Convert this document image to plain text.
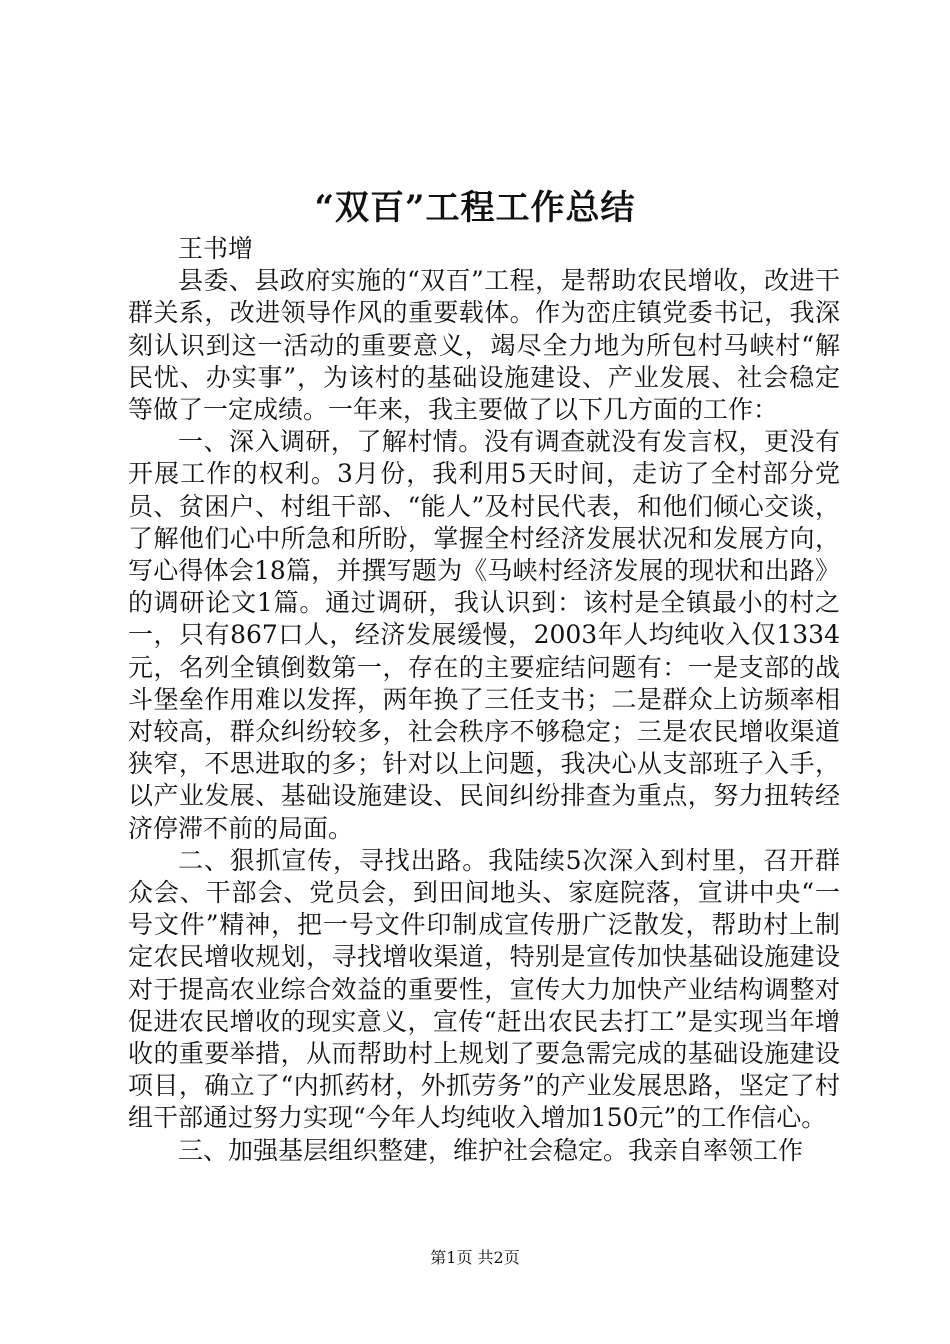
“双百”工程工作总结

王书增

县委、县政府实施的“双百”工程，是帮助农民增收，改进干群关系，改进领导作风的重要载体。作为峦庄镇党委书记，我深刻认识到这一活动的重要意义，竭尽全力地为所包村马峡村“解民忧、办实事”，为该村的基础设施建设、产业发展、社会稳定等做了一定成绩。一年来，我主要做了以下几方面的工作：

一、深入调研，了解村情。没有调查就没有发言权，更没有开展工作的权利。3月份，我利用5天时间，走访了全村部分党员、贫困户、村组干部、“能人”及村民代表，和他们倾心交谈，了解他们心中所急和所盼，掌握全村经济发展状况和发展方向，写心得体会18篇，并撰写题为《马峡村经济发展的现状和出路》的调研论文1篇。通过调研，我认识到：该村是全镇最小的村之一，只有867口人，经济发展缓慢，2003年人均纯收入仅1334元，名列全镇倒数第一，存在的主要症结问题有：一是支部的战斗堡垒作用难以发挥，两年换了三任支书；二是群众上访频率相对较高，群众纠纷较多，社会秩序不够稳定；三是农民增收渠道狭窄，不思进取的多；针对以上问题，我决心从支部班子入手，以产业发展、基础设施建设、民间纠纷排查为重点，努力扭转经济停滞不前的局面。

二、狠抓宣传，寻找出路。我陆续5次深入到村里，召开群众会、干部会、党员会，到田间地头、家庭院落，宣讲中央“一号文件”精神，把一号文件印制成宣传册广泛散发，帮助村上制定农民增收规划，寻找增收渠道，特别是宣传加快基础设施建设对于提高农业综合效益的重要性，宣传大力加快产业结构调整对促进农民增收的现实意义，宣传“赶出农民去打工”是实现当年增收的重要举措，从而帮助村上规划了要急需完成的基础设施建设项目，确立了“内抓药材，外抓劳务”的产业发展思路，坚定了村组干部通过努力实现“今年人均纯收入增加150元”的工作信心。

三、加强基层组织整建，维护社会稳定。我亲自率领工作

第1页 共2页
